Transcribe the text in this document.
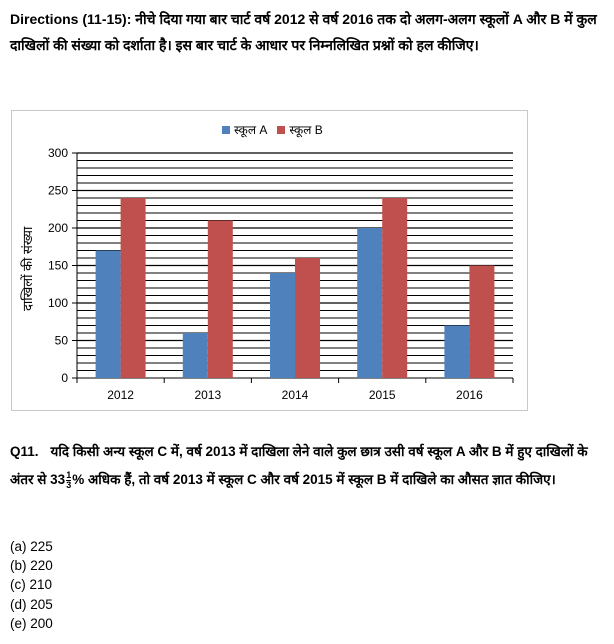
Directions (11-15): नीचे दिया गया बार चार्ट वर्ष 2012 से वर्ष 2016 तक दो अलग-अलग स्कूलों A और B में कुल दाखिलों की संख्या को दर्शाता है। इस बार चार्ट के आधार पर निम्नलिखित प्रश्नों को हल कीजिए।
स्कूल A स्कूल B
दाखिलों की संख्या
0
50
100
150
200
250
300
2012	2013	2014	2015	2016
Q11. यदि किसी अन्य स्कूल C में, वर्ष 2013 में दाखिला लेने वाले कुल छात्र उसी वर्ष स्कूल A और B में हुए दाखिलों के अंतर से $33 \frac{1}{3}$ % अधिक हैं, तो वर्ष 2013 में स्कूल C और वर्ष 2015 में स्कूल B में दाखिले का औसत ज्ञात कीजिए।
(a) 225
(b) 220
(c) 210
(d) 205
(e) 200
